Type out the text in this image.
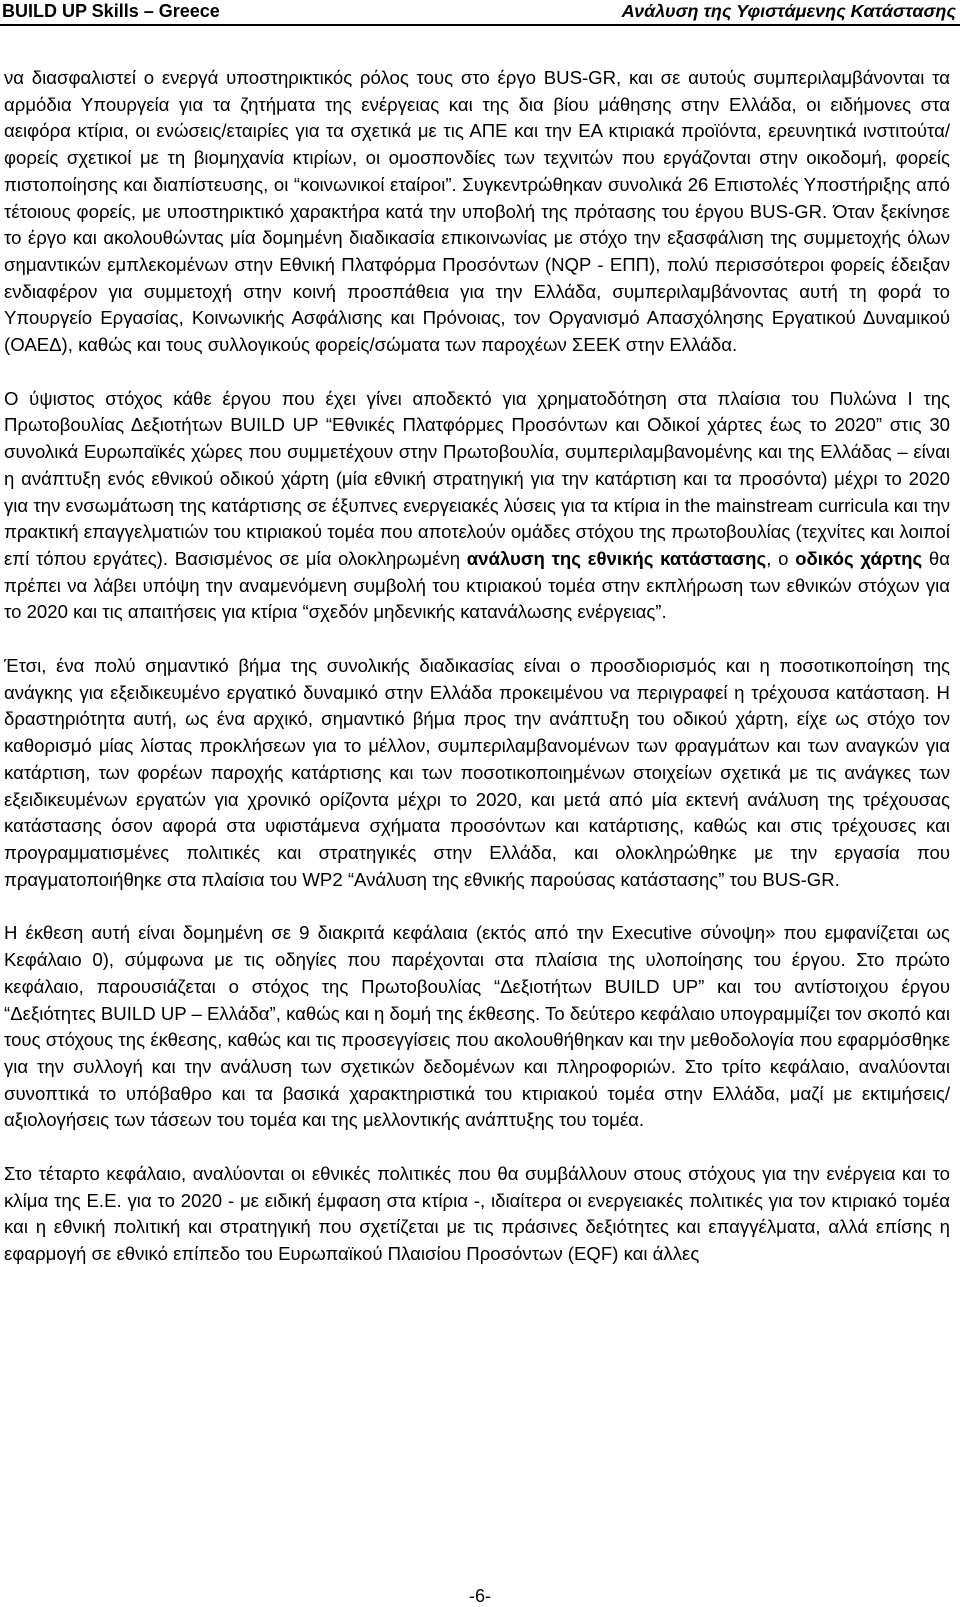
BUILD UP Skills – Greece	Ανάλυση της Υφιστάμενης Κατάστασης

να διασφαλιστεί ο ενεργά υποστηρικτικός ρόλος τους στο έργο BUS-GR, και σε αυτούς συμπεριλαμβάνονται τα αρμόδια Υπουργεία για τα ζητήματα της ενέργειας και της δια βίου μάθησης στην Ελλάδα, οι ειδήμονες στα αειφόρα κτίρια, οι ενώσεις/εταιρίες για τα σχετικά με τις ΑΠΕ και την ΕΑ κτιριακά προϊόντα, ερευνητικά ινστιτούτα/φορείς σχετικοί με τη βιομηχανία κτιρίων, οι ομοσπονδίες των τεχνιτών που εργάζονται στην οικοδομή, φορείς πιστοποίησης και διαπίστευσης, οι “κοινωνικοί εταίροι”. Συγκεντρώθηκαν συνολικά 26 Επιστολές Υποστήριξης από τέτοιους φορείς, με υποστηρικτικό χαρακτήρα κατά την υποβολή της πρότασης του έργου BUS-GR. Όταν ξεκίνησε το έργο και ακολουθώντας μία δομημένη διαδικασία επικοινωνίας με στόχο την εξασφάλιση της συμμετοχής όλων σημαντικών εμπλεκομένων στην Εθνική Πλατφόρμα Προσόντων (NQP - ΕΠΠ), πολύ περισσότεροι φορείς έδειξαν ενδιαφέρον για συμμετοχή στην κοινή προσπάθεια για την Ελλάδα, συμπεριλαμβάνοντας αυτή τη φορά το Υπουργείο Εργασίας, Κοινωνικής Ασφάλισης και Πρόνοιας, τον Οργανισμό Απασχόλησης Εργατικού Δυναμικού (ΟΑΕΔ), καθώς και τους συλλογικούς φορείς/σώματα των παροχέων ΣΕΕΚ στην Ελλάδα.

Ο ύψιστος στόχος κάθε έργου που έχει γίνει αποδεκτό για χρηματοδότηση στα πλαίσια του Πυλώνα Ι της Πρωτοβουλίας Δεξιοτήτων BUILD UP “Εθνικές Πλατφόρμες Προσόντων και Οδικοί χάρτες έως το 2020” στις 30 συνολικά Ευρωπαϊκές χώρες που συμμετέχουν στην Πρωτοβουλία, συμπεριλαμβανομένης και της Ελλάδας – είναι η ανάπτυξη ενός εθνικού οδικού χάρτη (μία εθνική στρατηγική για την κατάρτιση και τα προσόντα) μέχρι το 2020 για την ενσωμάτωση της κατάρτισης σε έξυπνες ενεργειακές λύσεις για τα κτίρια in the mainstream curricula και την πρακτική επαγγελματιών του κτιριακού τομέα που αποτελούν ομάδες στόχου της πρωτοβουλίας (τεχνίτες και λοιποί επί τόπου εργάτες). Βασισμένος σε μία ολοκληρωμένη ανάλυση της εθνικής κατάστασης, ο οδικός χάρτης θα πρέπει να λάβει υπόψη την αναμενόμενη συμβολή του κτιριακού τομέα στην εκπλήρωση των εθνικών στόχων για το 2020 και τις απαιτήσεις για κτίρια “σχεδόν μηδενικής κατανάλωσης ενέργειας”.

Έτσι, ένα πολύ σημαντικό βήμα της συνολικής διαδικασίας είναι ο προσδιορισμός και η ποσοτικοποίηση της ανάγκης για εξειδικευμένο εργατικό δυναμικό στην Ελλάδα προκειμένου να περιγραφεί η τρέχουσα κατάσταση. Η δραστηριότητα αυτή, ως ένα αρχικό, σημαντικό βήμα προς την ανάπτυξη του οδικού χάρτη, είχε ως στόχο τον καθορισμό μίας λίστας προκλήσεων για το μέλλον, συμπεριλαμβανομένων των φραγμάτων και των αναγκών για κατάρτιση, των φορέων παροχής κατάρτισης και των ποσοτικοποιημένων στοιχείων σχετικά με τις ανάγκες των εξειδικευμένων εργατών για χρονικό ορίζοντα μέχρι το 2020, και μετά από μία εκτενή ανάλυση της τρέχουσας κατάστασης όσον αφορά στα υφιστάμενα σχήματα προσόντων και κατάρτισης, καθώς και στις τρέχουσες και προγραμματισμένες πολιτικές και στρατηγικές στην Ελλάδα, και ολοκληρώθηκε με την εργασία που πραγματοποιήθηκε στα πλαίσια του WP2 “Ανάλυση της εθνικής παρούσας κατάστασης” του BUS-GR.

Η έκθεση αυτή είναι δομημένη σε 9 διακριτά κεφάλαια (εκτός από την Executive σύνοψη» που εμφανίζεται ως Κεφάλαιο 0), σύμφωνα με τις οδηγίες που παρέχονται στα πλαίσια της υλοποίησης του έργου. Στο πρώτο κεφάλαιο, παρουσιάζεται ο στόχος της Πρωτοβουλίας “Δεξιοτήτων BUILD UP” και του αντίστοιχου έργου “Δεξιότητες BUILD UP – Ελλάδα”, καθώς και η δομή της έκθεσης. Το δεύτερο κεφάλαιο υπογραμμίζει τον σκοπό και τους στόχους της έκθεσης, καθώς και τις προσεγγίσεις που ακολουθήθηκαν και την μεθοδολογία που εφαρμόσθηκε για την συλλογή και την ανάλυση των σχετικών δεδομένων και πληροφοριών. Στο τρίτο κεφάλαιο, αναλύονται συνοπτικά το υπόβαθρο και τα βασικά χαρακτηριστικά του κτιριακού τομέα στην Ελλάδα, μαζί με εκτιμήσεις/αξιολογήσεις των τάσεων του τομέα και της μελλοντικής ανάπτυξης του τομέα.

Στο τέταρτο κεφάλαιο, αναλύονται οι εθνικές πολιτικές που θα συμβάλλουν στους στόχους για την ενέργεια και το κλίμα της Ε.Ε. για το 2020 - με ειδική έμφαση στα κτίρια -, ιδιαίτερα οι ενεργειακές πολιτικές για τον κτιριακό τομέα και η εθνική πολιτική και στρατηγική που σχετίζεται με τις πράσινες δεξιότητες και επαγγέλματα, αλλά επίσης η εφαρμογή σε εθνικό επίπεδο του Ευρωπαϊκού Πλαισίου Προσόντων (EQF) και άλλες

-6-
